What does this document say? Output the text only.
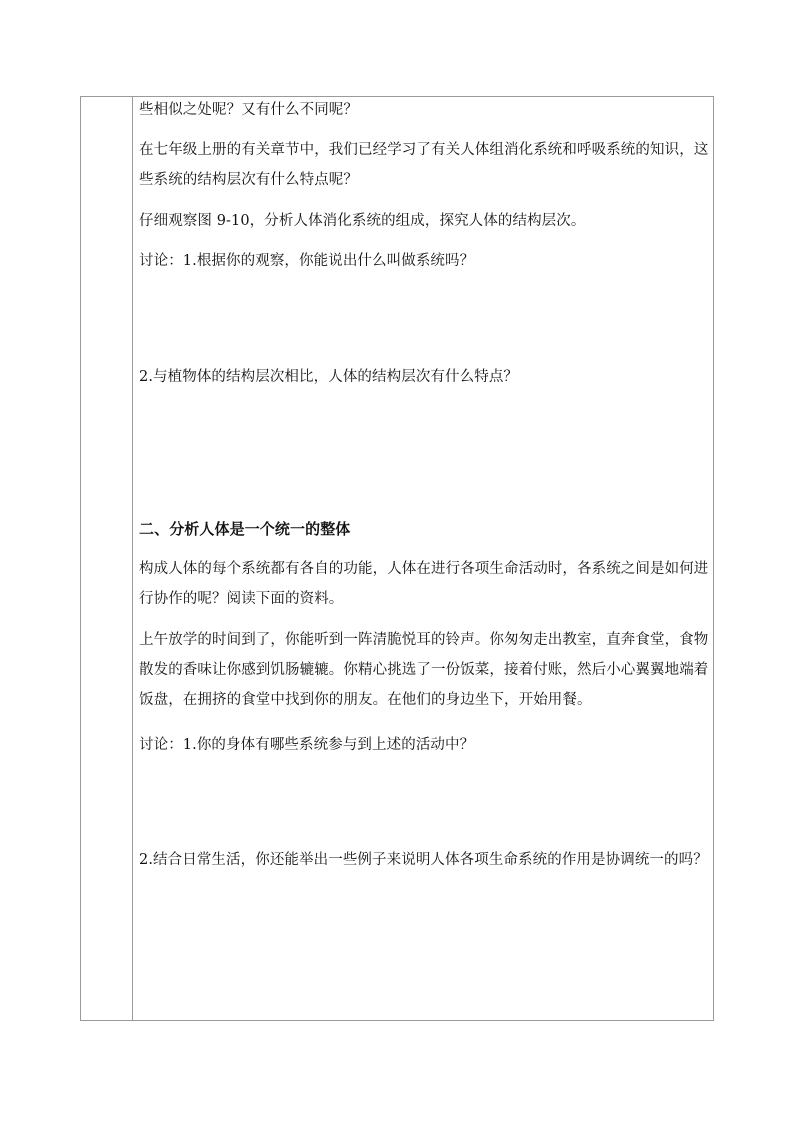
些相似之处呢？又有什么不同呢？

在七年级上册的有关章节中，我们已经学习了有关人体组消化系统和呼吸系统的知识，这些系统的结构层次有什么特点呢？

仔细观察图 9-10，分析人体消化系统的组成，探究人体的结构层次。

讨论：1.根据你的观察，你能说出什么叫做系统吗？

2.与植物体的结构层次相比，人体的结构层次有什么特点？

二、分析人体是一个统一的整体

构成人体的每个系统都有各自的功能，人体在进行各项生命活动时，各系统之间是如何进行协作的呢？阅读下面的资料。

上午放学的时间到了，你能听到一阵清脆悦耳的铃声。你匆匆走出教室，直奔食堂，食物散发的香味让你感到饥肠辘辘。你精心挑选了一份饭菜，接着付账，然后小心翼翼地端着饭盘，在拥挤的食堂中找到你的朋友。在他们的身边坐下，开始用餐。

讨论：1.你的身体有哪些系统参与到上述的活动中？

2.结合日常生活，你还能举出一些例子来说明人体各项生命系统的作用是协调统一的吗？
